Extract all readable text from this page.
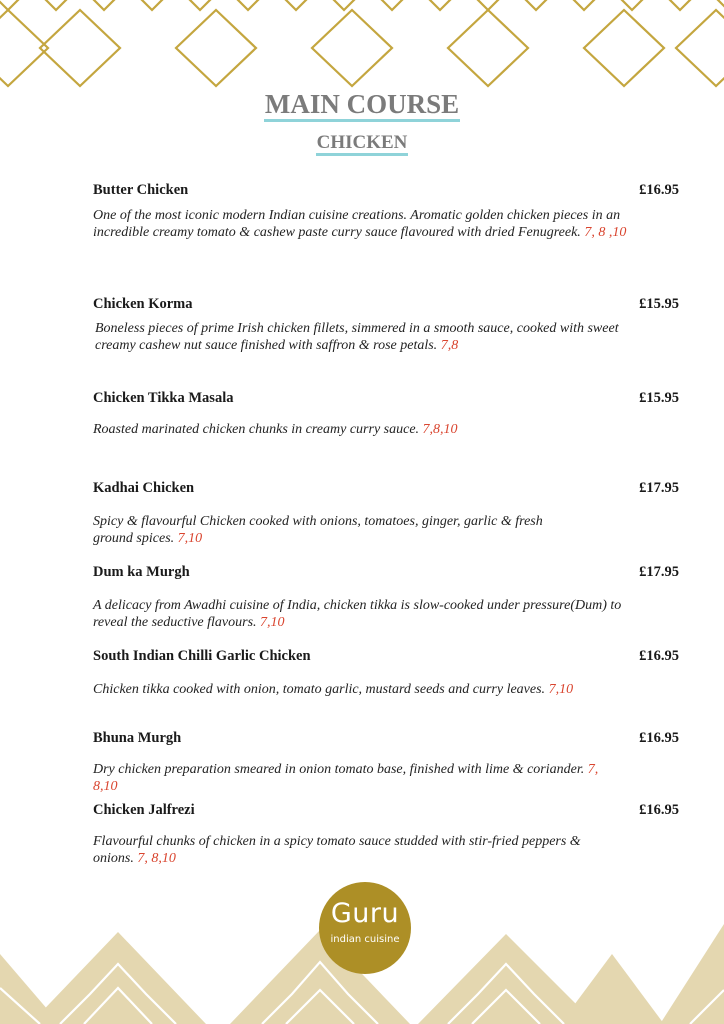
MAIN COURSE
CHICKEN
Butter Chicken	£16.95
One of the most iconic modern Indian cuisine creations. Aromatic golden chicken pieces in an incredible creamy tomato & cashew paste curry sauce flavoured with dried Fenugreek. 7, 8 ,10
Chicken Korma	£15.95
Boneless pieces of prime Irish chicken fillets, simmered in a smooth sauce, cooked with sweet creamy cashew nut sauce finished with saffron & rose petals. 7,8
Chicken Tikka Masala	£15.95
Roasted marinated chicken chunks in creamy curry sauce. 7,8,10
Kadhai Chicken	£17.95
Spicy & flavourful Chicken cooked with onions, tomatoes, ginger, garlic & fresh ground spices. 7,10
Dum ka Murgh	£17.95
A delicacy from Awadhi cuisine of India, chicken tikka is slow-cooked under pressure(Dum) to reveal the seductive flavours. 7,10
South Indian Chilli Garlic Chicken	£16.95
Chicken tikka cooked with onion, tomato garlic, mustard seeds and curry leaves. 7,10
Bhuna Murgh	£16.95
Dry chicken preparation smeared in onion tomato base, finished with lime & coriander. 7, 8,10
Chicken Jalfrezi	£16.95
Flavourful chunks of chicken in a spicy tomato sauce studded with stir-fried peppers & onions. 7, 8,10
Guru
indian cuisine
